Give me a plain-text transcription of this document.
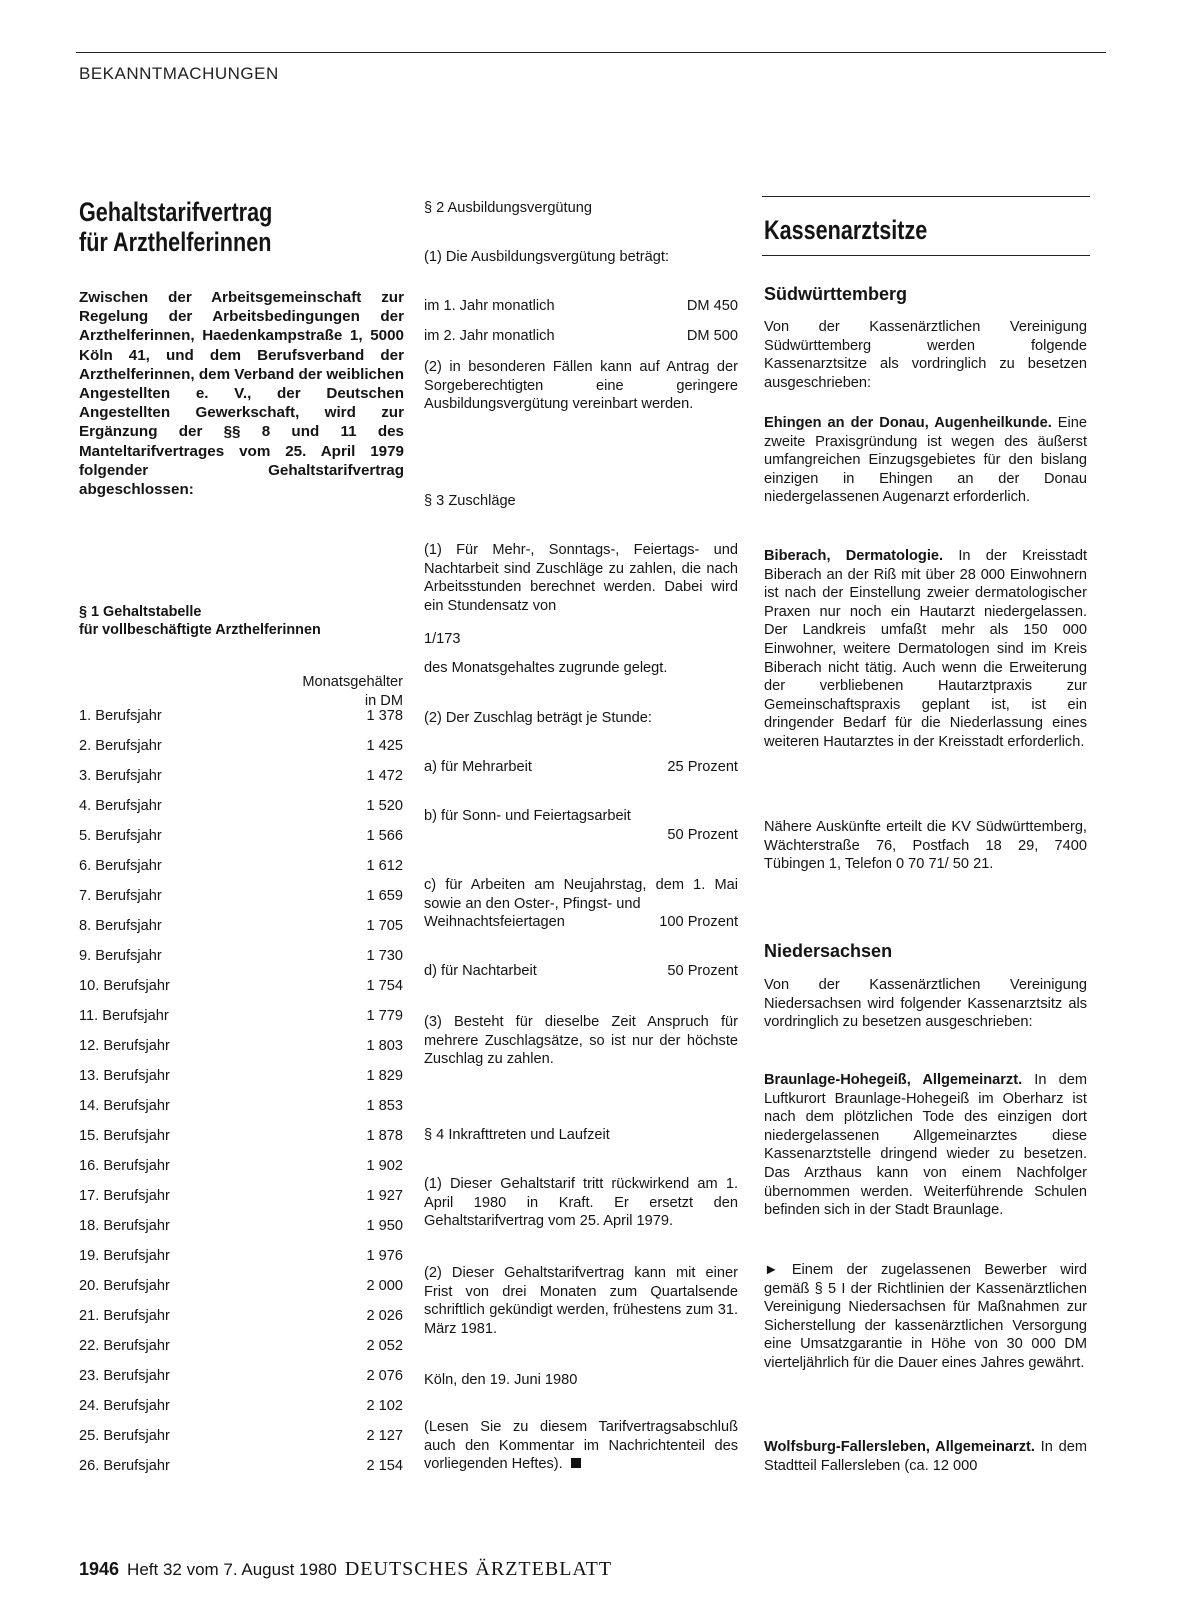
BEKANNTMACHUNGEN
Gehaltstarifvertrag
für Arzthelferinnen
Zwischen der Arbeitsgemeinschaft zur Regelung der Arbeitsbedingungen der Arzthelferinnen, Haedenkampstraße 1, 5000 Köln 41, und dem Berufsverband der Arzthelferinnen, dem Verband der weiblichen Angestellten e. V., der Deutschen Angestellten Gewerkschaft, wird zur Ergänzung der §§ 8 und 11 des Manteltarifvertrages vom 25. April 1979 folgender Gehaltstarifvertrag abgeschlossen:
§ 1 Gehaltstabelle
für vollbeschäftigte Arzthelferinnen
Monatsgehälter
in DM
1. Berufsjahr	1 378
2. Berufsjahr	1 425
3. Berufsjahr	1 472
4. Berufsjahr	1 520
5. Berufsjahr	1 566
6. Berufsjahr	1 612
7. Berufsjahr	1 659
8. Berufsjahr	1 705
9. Berufsjahr	1 730
10. Berufsjahr	1 754
11. Berufsjahr	1 779
12. Berufsjahr	1 803
13. Berufsjahr	1 829
14. Berufsjahr	1 853
15. Berufsjahr	1 878
16. Berufsjahr	1 902
17. Berufsjahr	1 927
18. Berufsjahr	1 950
19. Berufsjahr	1 976
20. Berufsjahr	2 000
21. Berufsjahr	2 026
22. Berufsjahr	2 052
23. Berufsjahr	2 076
24. Berufsjahr	2 102
25. Berufsjahr	2 127
26. Berufsjahr	2 154
§ 2 Ausbildungsvergütung
(1) Die Ausbildungsvergütung beträgt:
im 1. Jahr monatlich	DM 450
im 2. Jahr monatlich	DM 500
(2) in besonderen Fällen kann auf Antrag der Sorgeberechtigten eine geringere Ausbildungsvergütung vereinbart werden.
§ 3 Zuschläge
(1) Für Mehr-, Sonntags-, Feiertags- und Nachtarbeit sind Zuschläge zu zahlen, die nach Arbeitsstunden berechnet werden. Dabei wird ein Stundensatz von
1/173
des Monatsgehaltes zugrunde gelegt.
(2) Der Zuschlag beträgt je Stunde:
a) für Mehrarbeit	25 Prozent
b) für Sonn- und Feiertagsarbeit
50 Prozent
c) für Arbeiten am Neujahrstag, dem 1. Mai sowie an den Oster-, Pfingst- und
Weihnachtsfeiertagen	100 Prozent
d) für Nachtarbeit	50 Prozent
(3) Besteht für dieselbe Zeit Anspruch für mehrere Zuschlagsätze, so ist nur der höchste Zuschlag zu zahlen.
§ 4 Inkrafttreten und Laufzeit
(1) Dieser Gehaltstarif tritt rückwirkend am 1. April 1980 in Kraft. Er ersetzt den Gehaltstarifvertrag vom 25. April 1979.
(2) Dieser Gehaltstarifvertrag kann mit einer Frist von drei Monaten zum Quartalsende schriftlich gekündigt werden, frühestens zum 31. März 1981.
Köln, den 19. Juni 1980
(Lesen Sie zu diesem Tarifvertragsabschluß auch den Kommentar im Nachrichtenteil des vorliegenden Heftes).
Kassenarztsitze
Südwürttemberg
Von der Kassenärztlichen Vereinigung Südwürttemberg werden folgende Kassenarztsitze als vordringlich zu besetzen ausgeschrieben:
Ehingen an der Donau, Augenheilkunde. Eine zweite Praxisgründung ist wegen des äußerst umfangreichen Einzugsgebietes für den bislang einzigen in Ehingen an der Donau niedergelassenen Augenarzt erforderlich.
Biberach, Dermatologie. In der Kreisstadt Biberach an der Riß mit über 28 000 Einwohnern ist nach der Einstellung zweier dermatologischer Praxen nur noch ein Hautarzt niedergelassen. Der Landkreis umfaßt mehr als 150 000 Einwohner, weitere Dermatologen sind im Kreis Biberach nicht tätig. Auch wenn die Erweiterung der verbliebenen Hautarztpraxis zur Gemeinschaftspraxis geplant ist, ist ein dringender Bedarf für die Niederlassung eines weiteren Hautarztes in der Kreisstadt erforderlich.
Nähere Auskünfte erteilt die KV Südwürttemberg, Wächterstraße 76, Postfach 18 29, 7400 Tübingen 1, Telefon 0 70 71/ 50 21.
Niedersachsen
Von der Kassenärztlichen Vereinigung Niedersachsen wird folgender Kassenarztsitz als vordringlich zu besetzen ausgeschrieben:
Braunlage-Hohegeiß, Allgemeinarzt. In dem Luftkurort Braunlage-Hohegeiß im Oberharz ist nach dem plötzlichen Tode des einzigen dort niedergelassenen Allgemeinarztes diese Kassenarztstelle dringend wieder zu besetzen. Das Arzthaus kann von einem Nachfolger übernommen werden. Weiterführende Schulen befinden sich in der Stadt Braunlage.
► Einem der zugelassenen Bewerber wird gemäß § 5 I der Richtlinien der Kassenärztlichen Vereinigung Niedersachsen für Maßnahmen zur Sicherstellung der kassenärztlichen Versorgung eine Umsatzgarantie in Höhe von 30 000 DM vierteljährlich für die Dauer eines Jahres gewährt.
Wolfsburg-Fallersleben, Allgemeinarzt. In dem Stadtteil Fallersleben (ca. 12 000
1946 Heft 32 vom 7. August 1980 DEUTSCHES ÄRZTEBLATT
